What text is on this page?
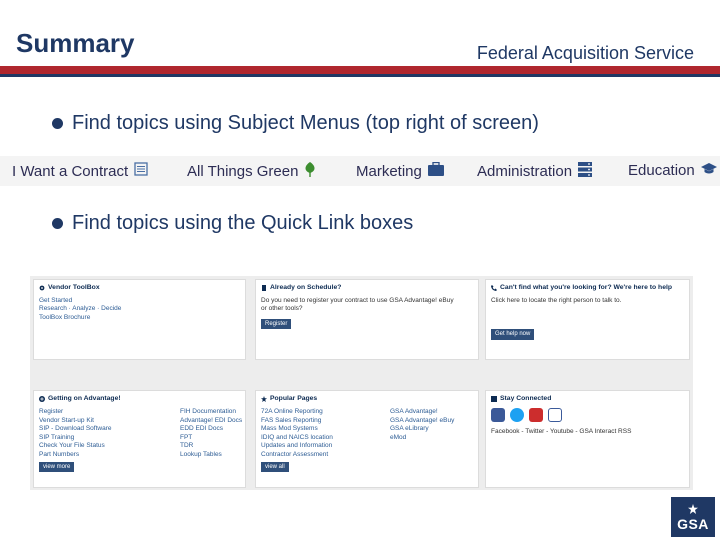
Summary	Federal Acquisition Service
Find topics using Subject Menus (top right of screen)
I Want a Contract	All Things Green	Marketing	Administration	Education
Find topics using the Quick Link boxes
Vendor ToolBox
Get Started
Research · Analyze · Decide
ToolBox Brochure
Already on Schedule?
Do you need to register your contract to use GSA Advantage! eBuy or other tools?
Register
Can't find what you're looking for? We're here to help
Click here to locate the right person to talk to.
Get help now
Getting on Advantage!
Register
Vendor Start-up Kit
SIP - Download Software
SIP Training
Check Your File Status
Part Numbers
view more
FIH Documentation
Advantage! EDI Docs
EDD EDI Docs
FPT
TDR
Lookup Tables
Popular Pages
72A Online Reporting
FAS Sales Reporting
Mass Mod Systems
IDIQ and NAICS location
Updates and Information
Contractor Assessment
view all
GSA Advantage!
GSA Advantage! eBuy
GSA eLibrary
eMod
Stay Connected
Facebook - Twitter - Youtube - GSA Interact RSS
GSA
